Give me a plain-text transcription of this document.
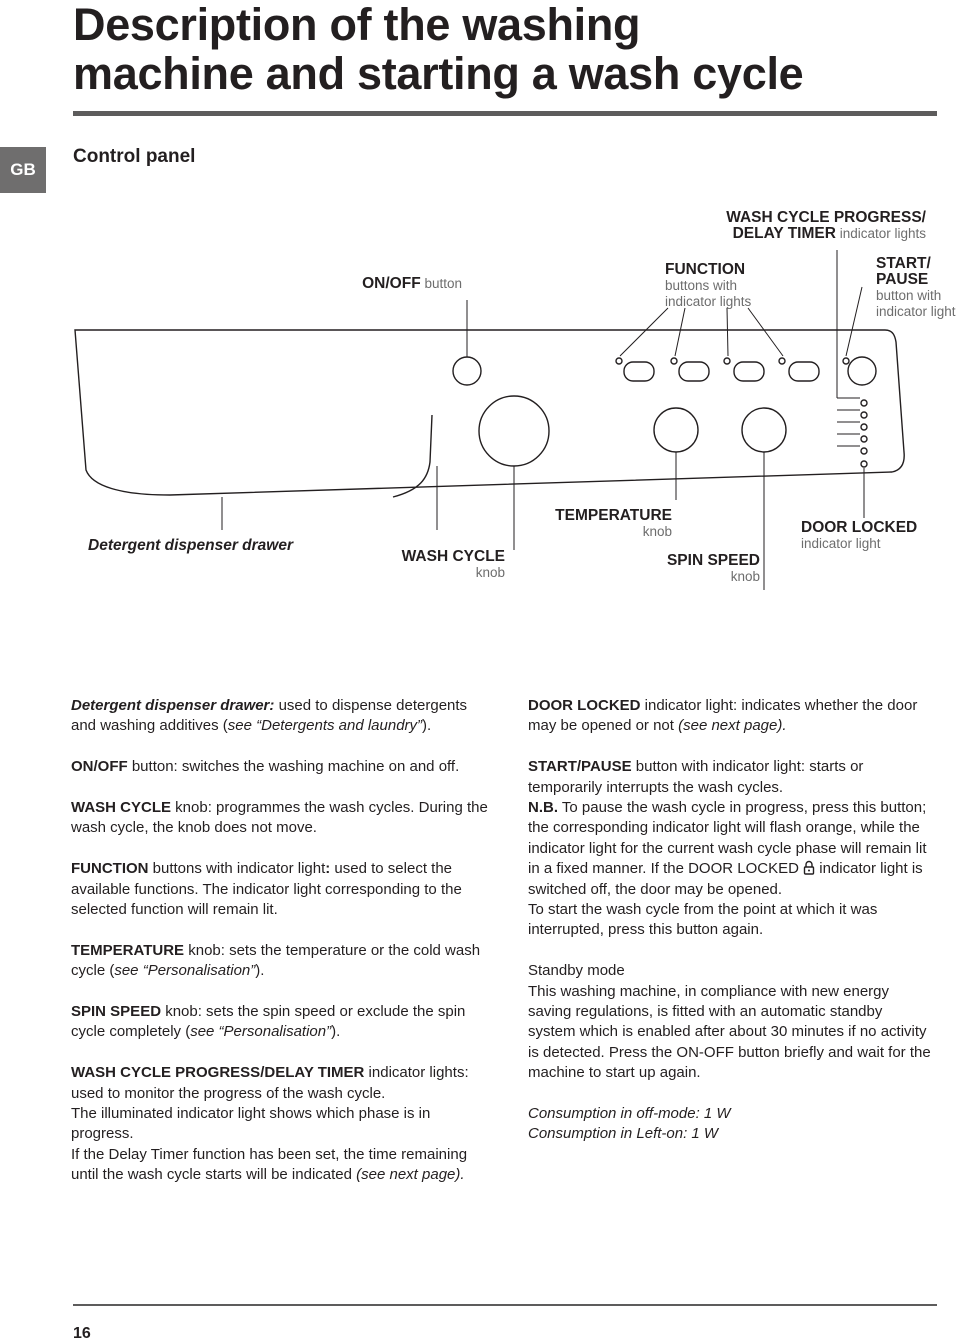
Description of the washing
machine and starting a wash cycle
GB
Control panel
WASH CYCLE PROGRESS/
DELAY TIMER indicator lights
ON/OFF button
FUNCTION
buttons with
indicator lights
START/
PAUSE
button with
indicator light
Detergent dispenser drawer
WASH CYCLE
knob
TEMPERATURE
knob
SPIN SPEED
knob
DOOR LOCKED
indicator light

Detergent dispenser drawer: used to dispense detergents and washing additives (see “Detergents and laundry”).

ON/OFF button: switches the washing machine on and off.

WASH CYCLE knob: programmes the wash cycles. During the wash cycle, the knob does not move.

FUNCTION buttons with indicator light: used to select the available functions. The indicator light corresponding to the selected function will remain lit.

TEMPERATURE knob: sets the temperature or the cold wash cycle (see “Personalisation”).

SPIN SPEED knob: sets the spin speed or exclude the spin cycle completely (see “Personalisation”).

WASH CYCLE PROGRESS/DELAY TIMER indicator lights: used to monitor the progress of the wash cycle.
The illuminated indicator light shows which phase is in progress.
If the Delay Timer function has been set, the time remaining until the wash cycle starts will be indicated (see next page).

DOOR LOCKED indicator light: indicates whether the door may be opened or not (see next page).

START/PAUSE button with indicator light: starts or temporarily interrupts the wash cycles.

N.B. To pause the wash cycle in progress, press this button; the corresponding indicator light will flash orange, while the indicator light for the current wash cycle phase will remain lit in a fixed manner. If the DOOR LOCKED  indicator light is switched off, the door may be opened.
To start the wash cycle from the point at which it was interrupted, press this button again.

Standby mode
This washing machine, in compliance with new energy saving regulations, is fitted with an automatic standby system which is enabled after about 30 minutes if no activity is detected. Press the ON-OFF button briefly and wait for the machine to start up again.

Consumption in off-mode: 1 W
Consumption in Left-on: 1 W

16
